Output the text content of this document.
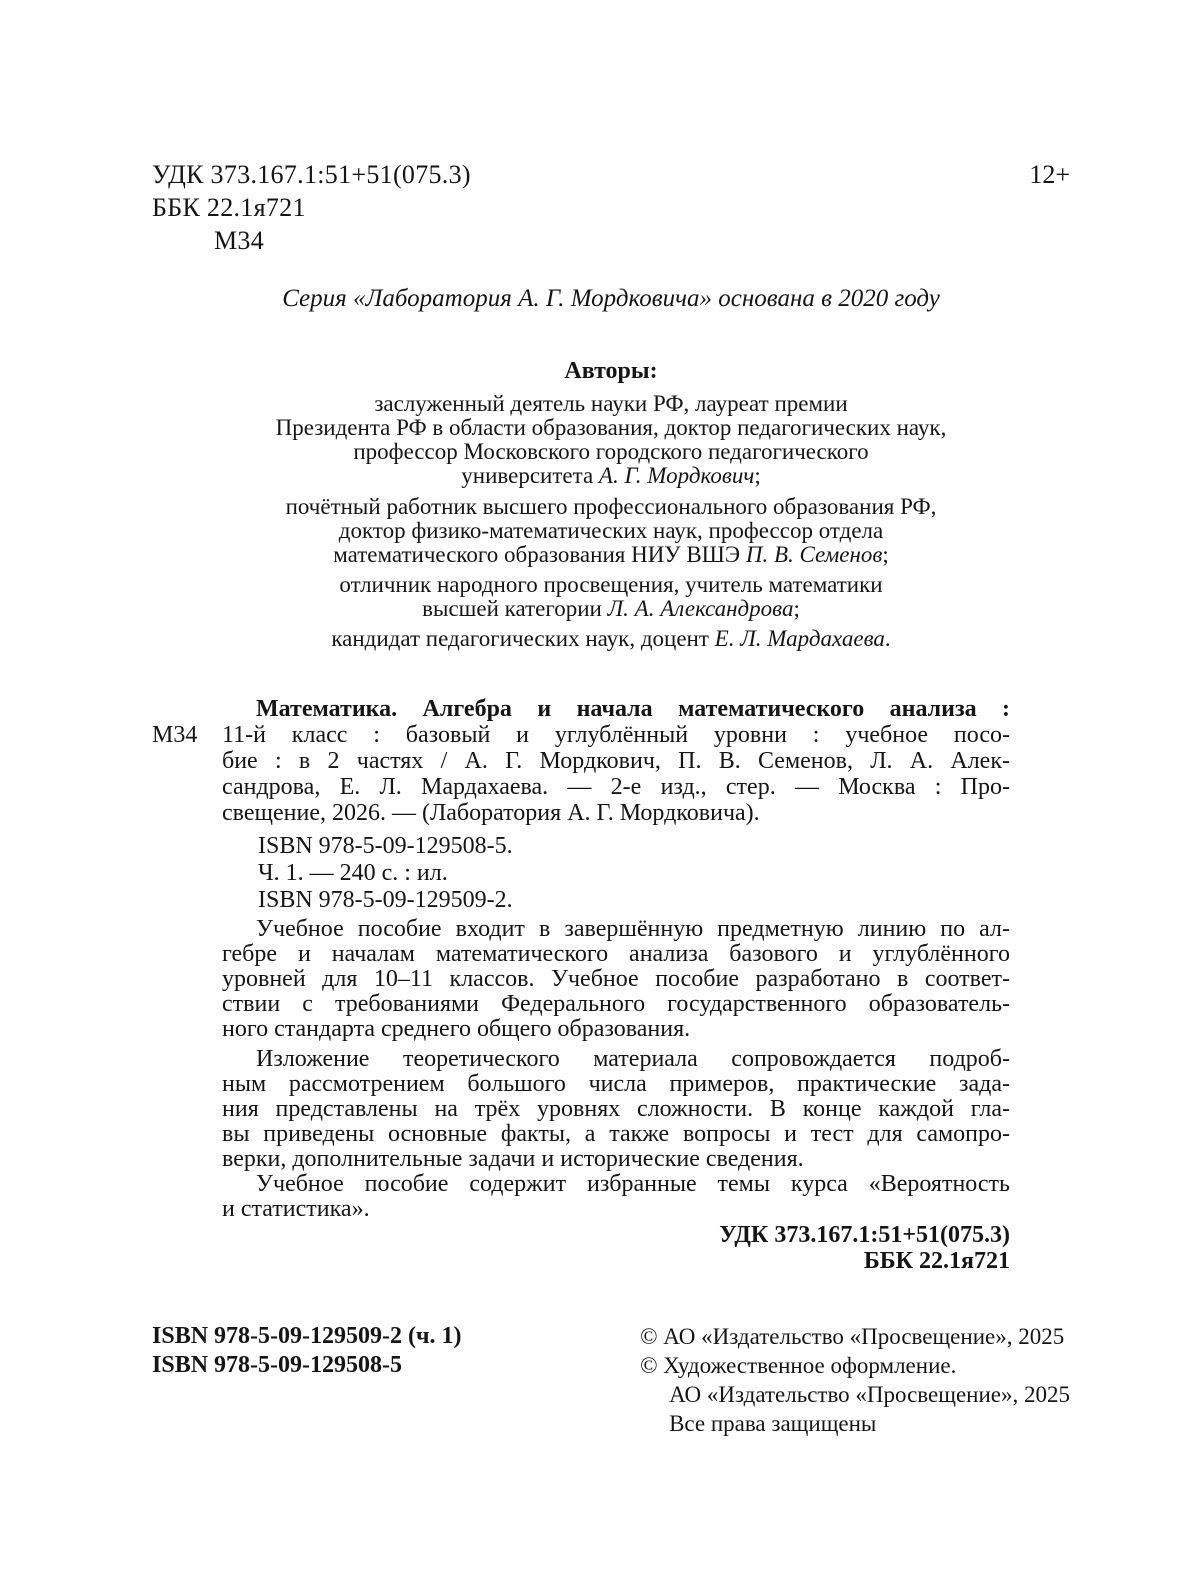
УДК 373.167.1:51+51(075.3)
ББК 22.1я721
М34
12+
Серия «Лаборатория А. Г. Мордковича» основана в 2020 году
Авторы:
заслуженный деятель науки РФ, лауреат премии
Президента РФ в области образования, доктор педагогических наук,
профессор Московского городского педагогического
университета А. Г. Мордкович;
почётный работник высшего профессионального образования РФ,
доктор физико-математических наук, профессор отдела
математического образования НИУ ВШЭ П. В. Семенов;
отличник народного просвещения, учитель математики
высшей категории Л. А. Александрова;
кандидат педагогических наук, доцент Е. Л. Мардахаева.
М34
Математика. Алгебра и начала математического анализа :
11-й класс : базовый и углублённый уровни : учебное посо-
бие : в 2 частях / А. Г. Мордкович, П. В. Семенов, Л. А. Алек-
сандрова, Е. Л. Мардахаева. — 2-е изд., стер. — Москва : Про-
свещение, 2026. — (Лаборатория А. Г. Мордковича).
ISBN 978-5-09-129508-5.
Ч. 1. — 240 с. : ил.
ISBN 978-5-09-129509-2.
Учебное пособие входит в завершённую предметную линию по ал-
гебре и началам математического анализа базового и углублённого
уровней для 10–11 классов. Учебное пособие разработано в соответ-
ствии с требованиями Федерального государственного образователь-
ного стандарта среднего общего образования.
Изложение теоретического материала сопровождается подроб-
ным рассмотрением большого числа примеров, практические зада-
ния представлены на трёх уровнях сложности. В конце каждой гла-
вы приведены основные факты, а также вопросы и тест для самопро-
верки, дополнительные задачи и исторические сведения.
Учебное пособие содержит избранные темы курса «Вероятность
и статистика».
УДК 373.167.1:51+51(075.3)
ББК 22.1я721
ISBN 978-5-09-129509-2 (ч. 1)
ISBN 978-5-09-129508-5
© АО «Издательство «Просвещение», 2025
© Художественное оформление.
АО «Издательство «Просвещение», 2025
Все права защищены
